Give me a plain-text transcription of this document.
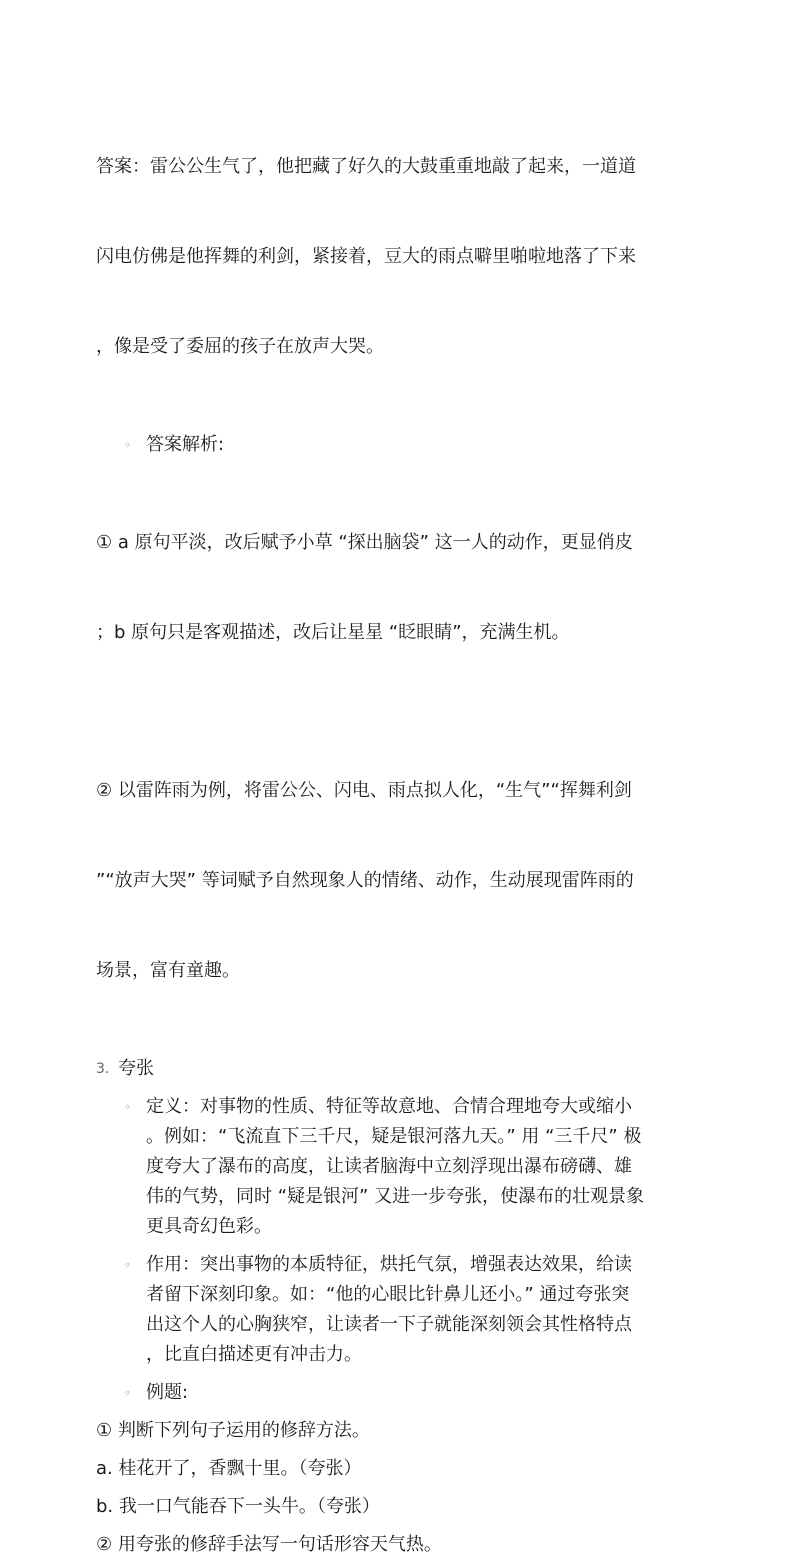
答案：雷公公生气了，他把藏了好久的大鼓重重地敲了起来，一道道

闪电仿佛是他挥舞的利剑，紧接着，豆大的雨点噼里啪啦地落了下来

，像是受了委屈的孩子在放声大哭。

◦ 答案解析:

① a 原句平淡，改后赋予小草 “探出脑袋” 这一人的动作，更显俏皮

；b 原句只是客观描述，改后让星星 “眨眼睛”，充满生机。

② 以雷阵雨为例，将雷公公、闪电、雨点拟人化，“生气”“挥舞利剑

”“放声大哭” 等词赋予自然现象人的情绪、动作，生动展现雷阵雨的

场景，富有童趣。

3. 夸张
◦ 定义：对事物的性质、特征等故意地、合情合理地夸大或缩小
。例如：“飞流直下三千尺，疑是银河落九天。” 用 “三千尺” 极
度夸大了瀑布的高度，让读者脑海中立刻浮现出瀑布磅礴、雄
伟的气势，同时 “疑是银河” 又进一步夸张，使瀑布的壮观景象
更具奇幻色彩。
◦ 作用：突出事物的本质特征，烘托气氛，增强表达效果，给读
者留下深刻印象。如：“他的心眼比针鼻儿还小。” 通过夸张突
出这个人的心胸狭窄，让读者一下子就能深刻领会其性格特点
，比直白描述更有冲击力。
◦ 例题:

① 判断下列句子运用的修辞方法。

a. 桂花开了，香飘十里。（夸张）

b. 我一口气能吞下一头牛。（夸张）

② 用夸张的修辞手法写一句话形容天气热。
